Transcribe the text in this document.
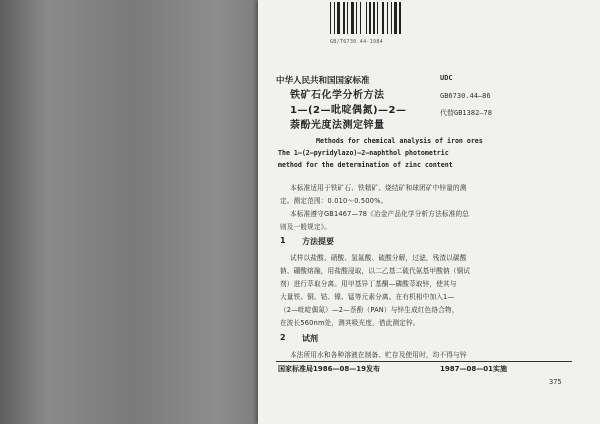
GB/T6730.44-1984
中华人民共和国国家标准	UDC
GB6730.44—86
代替GB1382—78
铁矿石化学分析方法
1—(2—吡啶偶氮)—2—
萘酚光度法测定锌量
Methods for chemical analysis of iron ores
The 1—(2—pyridylazo)—2—naphthol photometric
method for the determination of zinc content
本标准适用于铁矿石、铁精矿、烧结矿和球团矿中锌量的测
定。测定范围：0.010～0.500%。
本标准遵守GB1467—78《冶金产品化学分析方法标准的总
则及一般规定》。
1 方法提要
试样以盐酸、硝酸、氢氟酸、硫酸分解，过滤，残渣以碳酸
钠、硼酸熔融，用盐酸浸取，以二乙基二硫代氨基甲酸钠（铜试
剂）进行萃取分离。用甲基异丁基酮—磷酸萃取锌，使其与
大量铁、铜、钴、镍、锰等元素分离。在有机相中加入1—
（2—吡啶偶氮）—2—萘酚（PAN）与锌生成红色络合物，
在波长560nm处，测其吸光度，借此测定锌。
2 试剂
本法所用水和各种溶液在制备、贮存及使用时，均不得与锌
国家标准局1986—08—19发布	1987—08—01实施
375
